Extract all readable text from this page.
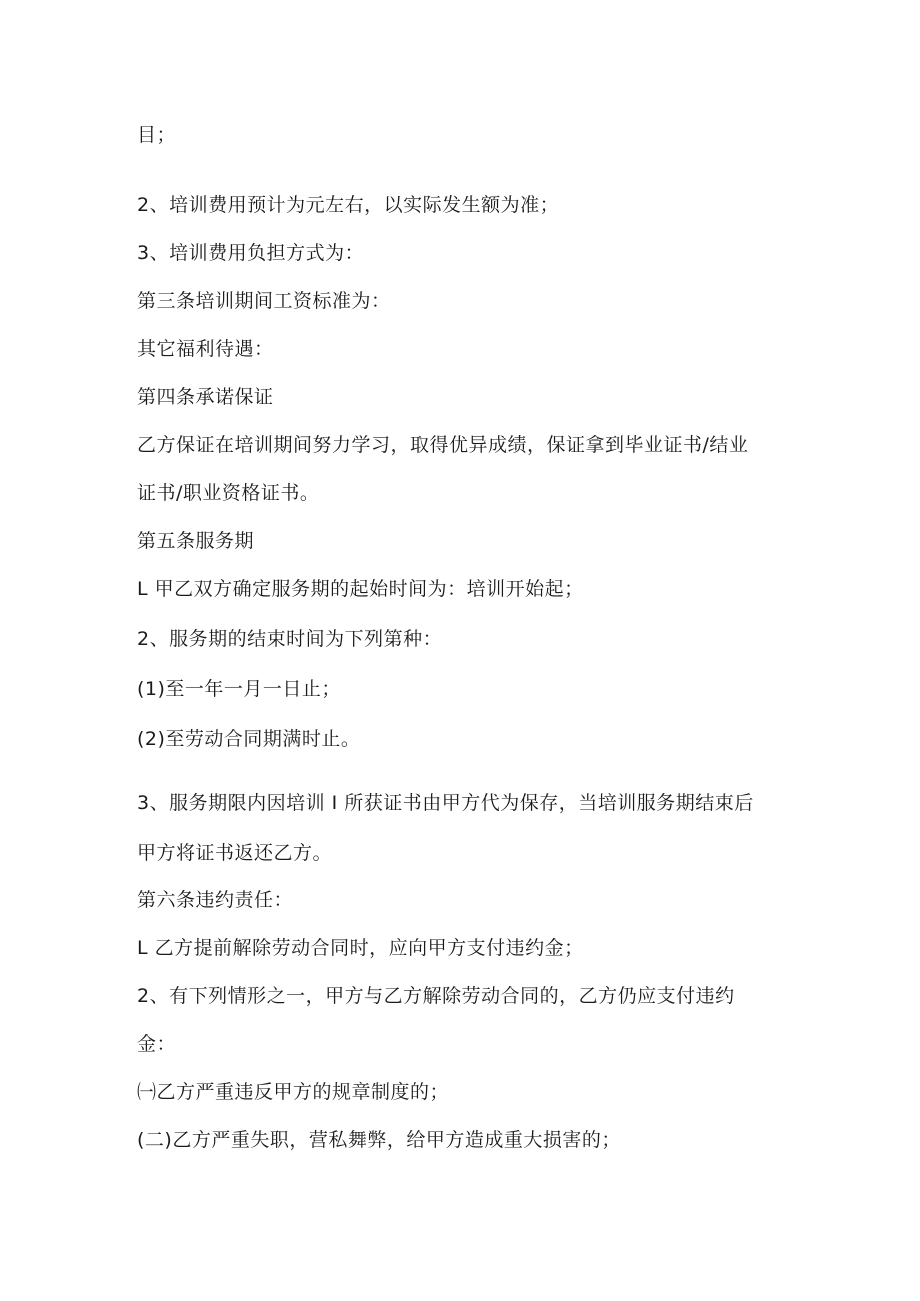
目；
2、培训费用预计为元左右，以实际发生额为准；
3、培训费用负担方式为：
第三条培训期间工资标准为：
其它福利待遇：
第四条承诺保证
乙方保证在培训期间努力学习，取得优异成绩，保证拿到毕业证书/结业
证书/职业资格证书。
第五条服务期
L 甲乙双方确定服务期的起始时间为：培训开始起；
2、服务期的结束时间为下列第种：
(1)至一年一月一日止；
(2)至劳动合同期满时止。
3、服务期限内因培训 I 所获证书由甲方代为保存，当培训服务期结束后
甲方将证书返还乙方。
第六条违约责任：
L 乙方提前解除劳动合同时，应向甲方支付违约金；
2、有下列情形之一，甲方与乙方解除劳动合同的，乙方仍应支付违约
金：
㈠乙方严重违反甲方的规章制度的；
(二)乙方严重失职，营私舞弊，给甲方造成重大损害的；
